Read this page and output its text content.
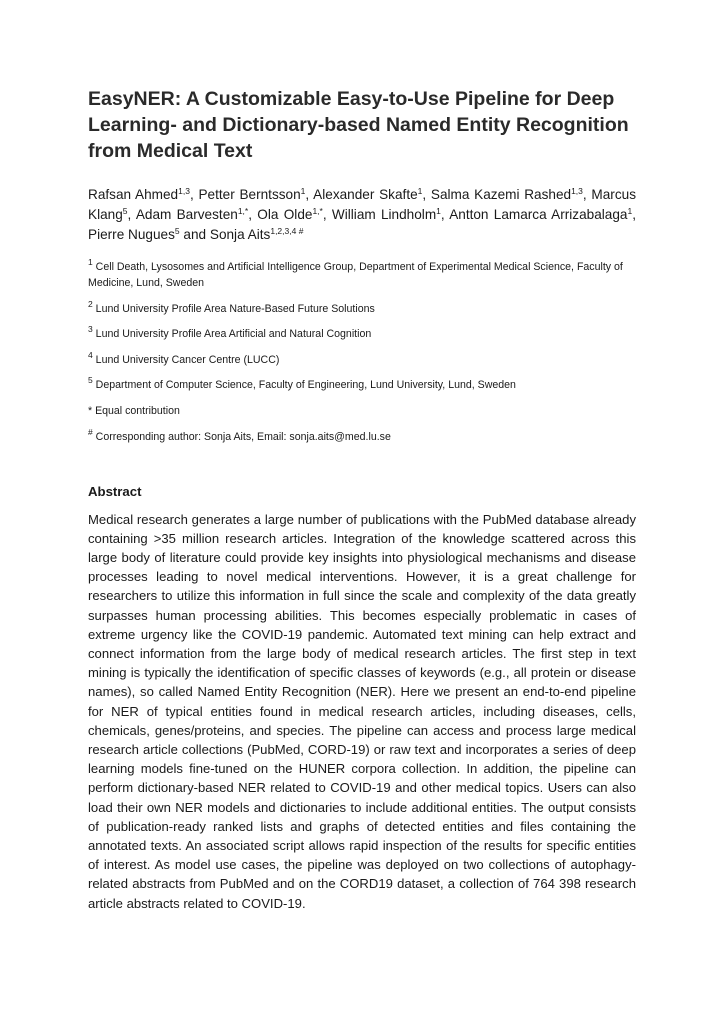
EasyNER: A Customizable Easy-to-Use Pipeline for Deep Learning- and Dictionary-based Named Entity Recognition from Medical Text
Rafsan Ahmed$^{1,3}$, Petter Berntsson$^1$, Alexander Skafte$^1$, Salma Kazemi Rashed$^{1,3}$, Marcus Klang$^5$, Adam Barvesten$^{1,*}$, Ola Olde$^{1,*}$, William Lindholm$^1$, Antton Lamarca Arrizabalaga$^1$, Pierre Nugues$^5$ and Sonja Aits$^{1,2,3,4 \#}$
$^1$ Cell Death, Lysosomes and Artificial Intelligence Group, Department of Experimental Medical Science, Faculty of Medicine, Lund, Sweden
$^2$ Lund University Profile Area Nature-Based Future Solutions
$^3$ Lund University Profile Area Artificial and Natural Cognition
$^4$ Lund University Cancer Centre (LUCC)
$^5$ Department of Computer Science, Faculty of Engineering, Lund University, Lund, Sweden
* Equal contribution
# Corresponding author: Sonja Aits, Email: sonja.aits@med.lu.se
Abstract
Medical research generates a large number of publications with the PubMed database already containing >35 million research articles. Integration of the knowledge scattered across this large body of literature could provide key insights into physiological mechanisms and disease processes leading to novel medical interventions. However, it is a great challenge for researchers to utilize this information in full since the scale and complexity of the data greatly surpasses human processing abilities. This becomes especially problematic in cases of extreme urgency like the COVID-19 pandemic. Automated text mining can help extract and connect information from the large body of medical research articles. The first step in text mining is typically the identification of specific classes of keywords (e.g., all protein or disease names), so called Named Entity Recognition (NER). Here we present an end-to-end pipeline for NER of typical entities found in medical research articles, including diseases, cells, chemicals, genes/proteins, and species. The pipeline can access and process large medical research article collections (PubMed, CORD-19) or raw text and incorporates a series of deep learning models fine-tuned on the HUNER corpora collection. In addition, the pipeline can perform dictionary-based NER related to COVID-19 and other medical topics. Users can also load their own NER models and dictionaries to include additional entities. The output consists of publication-ready ranked lists and graphs of detected entities and files containing the annotated texts. An associated script allows rapid inspection of the results for specific entities of interest. As model use cases, the pipeline was deployed on two collections of autophagy-related abstracts from PubMed and on the CORD19 dataset, a collection of 764 398 research article abstracts related to COVID-19.
